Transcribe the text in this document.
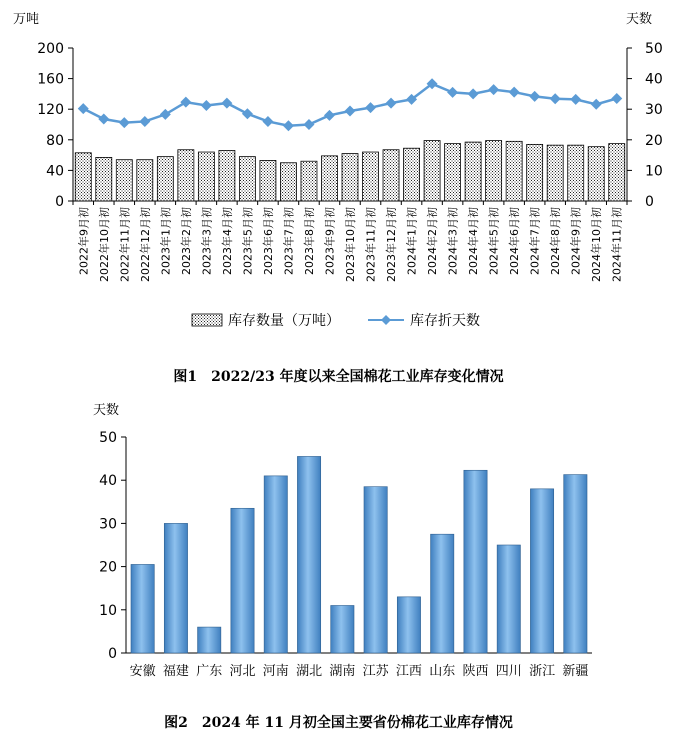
万吨	天数
0
40
80
120
160
200
0
10
20
30
40
50
2022年9月初 2022年10月初 2022年11月初 2022年12月初 2023年1月初 2023年2月初 2023年3月初 2023年4月初 2023年5月初 2023年6月初 2023年7月初 2023年8月初 2023年9月初 2023年10月初 2023年11月初 2023年12月初 2024年1月初 2024年2月初 2024年3月初 2024年4月初 2024年5月初 2024年6月初 2024年7月初 2024年8月初 2024年9月初 2024年10月初 2024年11月初
库存数量（万吨）	库存折天数
图1　2022/23 年度以来全国棉花工业库存变化情况
天数
0
10
20
30
40
50
安徽 福建 广东 河北 河南 湖北 湖南 江苏 江西 山东 陕西 四川 浙江 新疆
图2　2024 年 11 月初全国主要省份棉花工业库存情况
